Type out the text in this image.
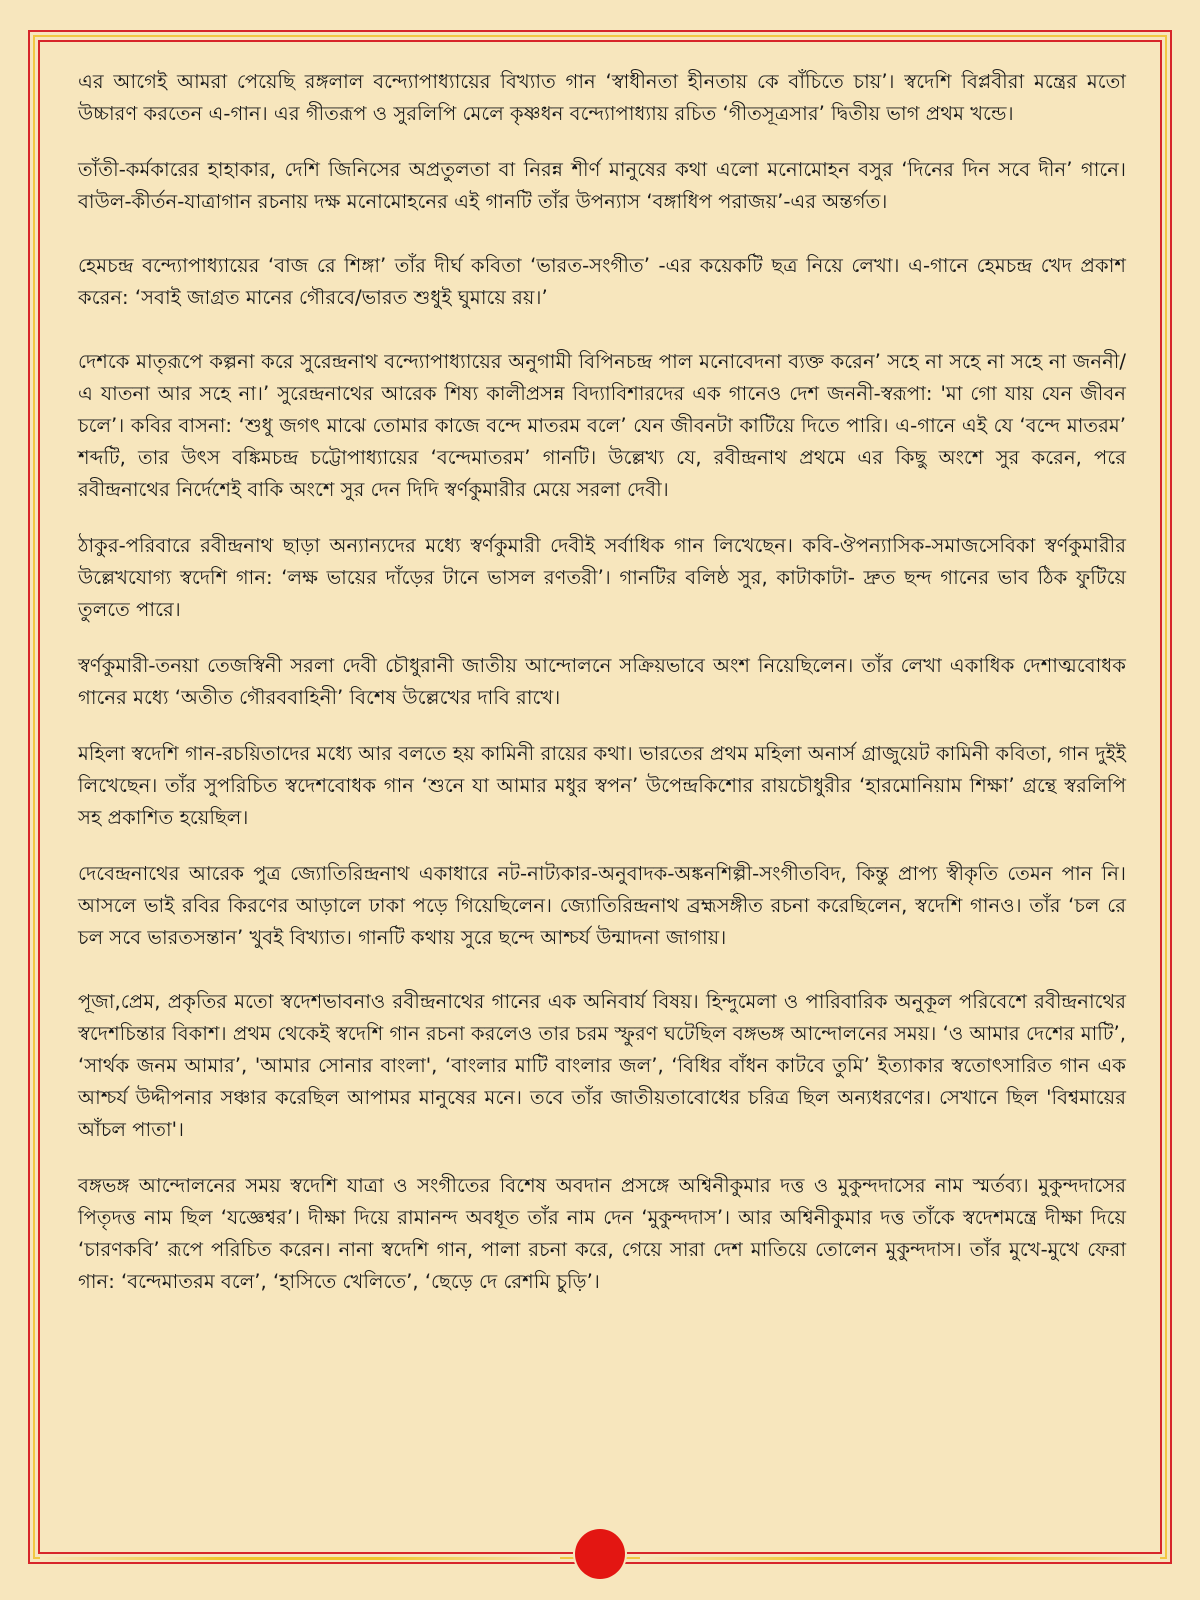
এর আগেই আমরা পেয়েছি রঙ্গলাল বন্দ্যোপাধ্যায়ের বিখ্যাত গান ‘স্বাধীনতা হীনতায় কে বাঁচিতে চায়’। স্বদেশি বিপ্লবীরা মন্ত্রের মতো উচ্চারণ করতেন এ-গান। এর গীতরূপ ও সুরলিপি মেলে কৃষ্ণধন বন্দ্যোপাধ্যায় রচিত ‘গীতসূত্রসার’ দ্বিতীয় ভাগ প্রথম খন্ডে।

তাঁতী-কর্মকারের হাহাকার, দেশি জিনিসের অপ্রতুলতা বা নিরন্ন শীর্ণ মানুষের কথা এলো মনোমোহন বসুর ‘দিনের দিন সবে দীন’ গানে। বাউল-কীর্তন-যাত্রাগান রচনায় দক্ষ মনোমোহনের এই গানটি তাঁর উপন্যাস ‘বঙ্গাধিপ পরাজয়’-এর অন্তর্গত।

হেমচন্দ্র বন্দ্যোপাধ্যায়ের ‘বাজ রে শিঙ্গা’ তাঁর দীর্ঘ কবিতা ‘ভারত-সংগীত’ -এর কয়েকটি ছত্র নিয়ে লেখা। এ-গানে হেমচন্দ্র খেদ প্রকাশ করেন: ‘সবাই জাগ্রত মানের গৌরবে/ভারত শুধুই ঘুমায়ে রয়।’

দেশকে মাতৃরূপে কল্পনা করে সুরেন্দ্রনাথ বন্দ্যোপাধ্যায়ের অনুগামী বিপিনচন্দ্র পাল মনোবেদনা ব্যক্ত করেন’ সহে না সহে না সহে না জননী/এ যাতনা আর সহে না।’ সুরেন্দ্রনাথের আরেক শিষ্য কালীপ্রসন্ন বিদ্যাবিশারদের এক গানেও দেশ জননী-স্বরূপা: 'মা গো যায় যেন জীবন চলে’। কবির বাসনা: ‘শুধু জগৎ মাঝে তোমার কাজে বন্দে মাতরম বলে’ যেন জীবনটা কাটিয়ে দিতে পারি। এ-গানে এই যে ‘বন্দে মাতরম’ শব্দটি, তার উৎস বঙ্কিমচন্দ্র চট্টোপাধ্যায়ের ‘বন্দেমাতরম’ গানটি। উল্লেখ্য যে, রবীন্দ্রনাথ প্রথমে এর কিছু অংশে সুর করেন, পরে রবীন্দ্রনাথের নির্দেশেই বাকি অংশে সুর দেন দিদি স্বর্ণকুমারীর মেয়ে সরলা দেবী।

ঠাকুর-পরিবারে রবীন্দ্রনাথ ছাড়া অন্যান্যদের মধ্যে স্বর্ণকুমারী দেবীই সর্বাধিক গান লিখেছেন। কবি-ঔপন্যাসিক-সমাজসেবিকা স্বর্ণকুমারীর উল্লেখযোগ্য স্বদেশি গান: ‘লক্ষ ভায়ের দাঁড়ের টানে ভাসল রণতরী’। গানটির বলিষ্ঠ সুর, কাটাকাটা- দ্রুত ছন্দ গানের ভাব ঠিক ফুটিয়ে তুলতে পারে।

স্বর্ণকুমারী-তনয়া তেজস্বিনী সরলা দেবী চৌধুরানী জাতীয় আন্দোলনে সক্রিয়ভাবে অংশ নিয়েছিলেন। তাঁর লেখা একাধিক দেশাত্মবোধক গানের মধ্যে ‘অতীত গৌরববাহিনী’ বিশেষ উল্লেখের দাবি রাখে।

মহিলা স্বদেশি গান-রচয়িতাদের মধ্যে আর বলতে হয় কামিনী রায়ের কথা। ভারতের প্রথম মহিলা অনার্স গ্রাজুয়েট কামিনী কবিতা, গান দুইই লিখেছেন। তাঁর সুপরিচিত স্বদেশবোধক গান ‘শুনে যা আমার মধুর স্বপন’ উপেন্দ্রকিশোর রায়চৌধুরীর ‘হারমোনিয়াম শিক্ষা’ গ্রন্থে স্বরলিপি সহ প্রকাশিত হয়েছিল।

দেবেন্দ্রনাথের আরেক পুত্র জ্যোতিরিন্দ্রনাথ একাধারে নট-নাট্যকার-অনুবাদক-অঙ্কনশিল্পী-সংগীতবিদ, কিন্তু প্রাপ্য স্বীকৃতি তেমন পান নি। আসলে ভাই রবির কিরণের আড়ালে ঢাকা পড়ে গিয়েছিলেন। জ্যোতিরিন্দ্রনাথ ব্রহ্মসঙ্গীত রচনা করেছিলেন, স্বদেশি গানও। তাঁর ‘চল রে চল সবে ভারতসন্তান’ খুবই বিখ্যাত। গানটি কথায় সুরে ছন্দে আশ্চর্য উন্মাদনা জাগায়।

পূজা,প্রেম, প্রকৃতির মতো স্বদেশভাবনাও রবীন্দ্রনাথের গানের এক অনিবার্য বিষয়। হিন্দুমেলা ও পারিবারিক অনুকূল পরিবেশে রবীন্দ্রনাথের স্বদেশচিন্তার বিকাশ। প্রথম থেকেই স্বদেশি গান রচনা করলেও তার চরম স্ফুরণ ঘটেছিল বঙ্গভঙ্গ আন্দোলনের সময়। ‘ও আমার দেশের মাটি’, ‘সার্থক জনম আমার’, 'আমার সোনার বাংলা', ‘বাংলার মাটি বাংলার জল’, ‘বিধির বাঁধন কাটবে তুমি’ ইত্যাকার স্বতোৎসারিত গান এক আশ্চর্য উদ্দীপনার সঞ্চার করেছিল আপামর মানুষের মনে। তবে তাঁর জাতীয়তাবোধের চরিত্র ছিল অন্যধরণের। সেখানে ছিল 'বিশ্বমায়ের আঁচল পাতা'।

বঙ্গভঙ্গ আন্দোলনের সময় স্বদেশি যাত্রা ও সংগীতের বিশেষ অবদান প্রসঙ্গে অশ্বিনীকুমার দত্ত ও মুকুন্দদাসের নাম স্মর্তব্য। মুকুন্দদাসের পিতৃদত্ত নাম ছিল ‘যজ্ঞেশ্বর’। দীক্ষা দিয়ে রামানন্দ অবধূত তাঁর নাম দেন ‘মুকুন্দদাস’। আর অশ্বিনীকুমার দত্ত তাঁকে স্বদেশমন্ত্রে দীক্ষা দিয়ে ‘চারণকবি’ রূপে পরিচিত করেন। নানা স্বদেশি গান, পালা রচনা করে, গেয়ে সারা দেশ মাতিয়ে তোলেন মুকুন্দদাস। তাঁর মুখে-মুখে ফেরা গান: ‘বন্দেমাতরম বলে’, ‘হাসিতে খেলিতে’, ‘ছেড়ে দে রেশমি চুড়ি’।
